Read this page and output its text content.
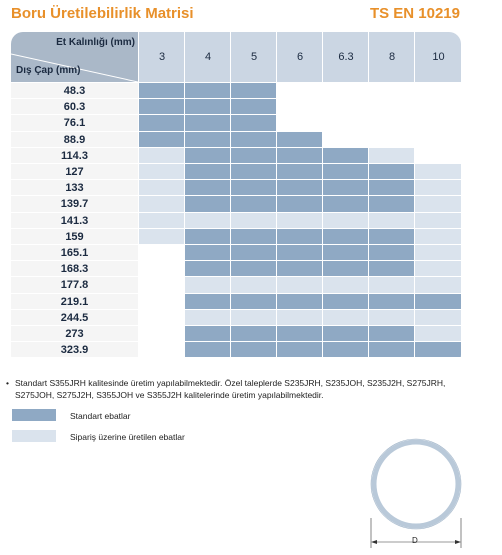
Boru Üretilebilirlik Matrisi	TS EN 10219
Et Kalınlığı (mm)
Dış Çap (mm)
3	4	5	6	6.3	8	10
48.3
60.3
76.1
88.9
114.3
127
133
139.7
141.3
159
165.1
168.3
177.8
219.1
244.5
273
323.9
• Standart S355JRH kalitesinde üretim yapılabilmektedir. Özel taleplerde S235JRH, S235JOH, S235J2H, S275JRH, S275JOH, S275J2H, S355JOH ve S355J2H kalitelerinde üretim yapılabilmektedir.
Standart ebatlar
Sipariş üzerine üretilen ebatlar
D
